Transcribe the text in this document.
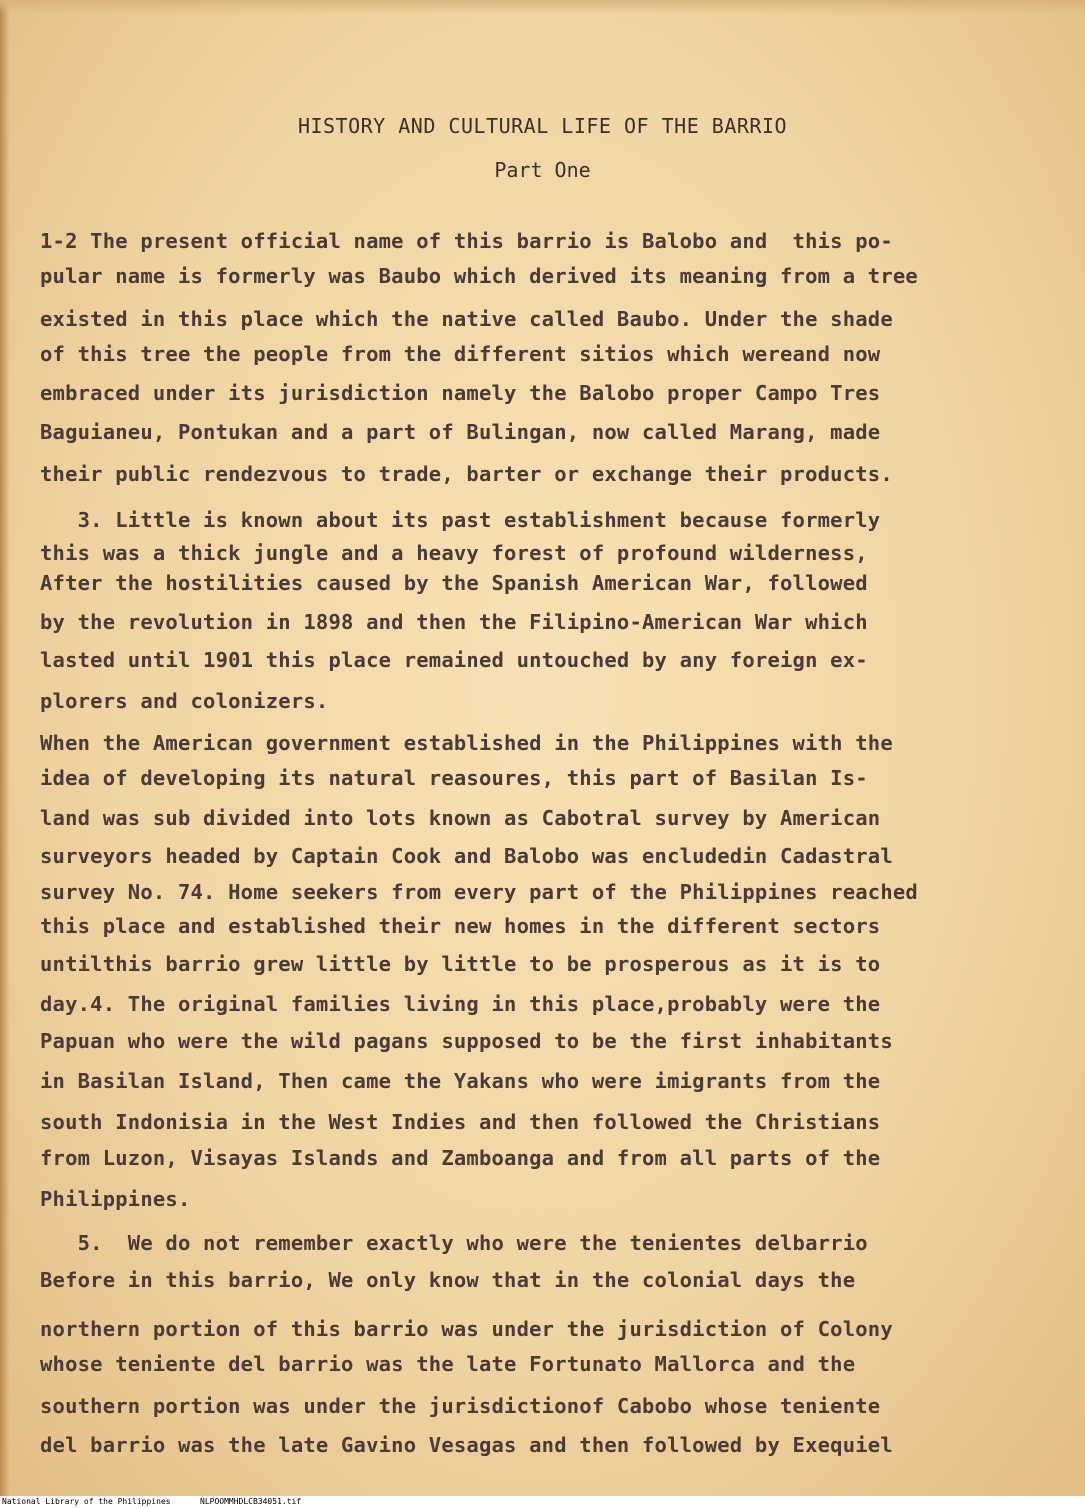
HISTORY AND CULTURAL LIFE OF THE BARRIO
Part One

1-2 The present official name of this barrio is Balobo and  this po-

pular name is formerly was Baubo which derived its meaning from a tree

existed in this place which the native called Baubo. Under the shade

of this tree the people from the different sitios which wereand now

embraced under its jurisdiction namely the Balobo proper Campo Tres

Baguianeu, Pontukan and a part of Bulingan, now called Marang, made

their public rendezvous to trade, barter or exchange their products.

3. Little is known about its past establishment because formerly

this was a thick jungle and a heavy forest of profound wilderness,

After the hostilities caused by the Spanish American War, followed

by the revolution in 1898 and then the Filipino-American War which

lasted until 1901 this place remained untouched by any foreign ex-

plorers and colonizers.

When the American government established in the Philippines with the

idea of developing its natural reasoures, this part of Basilan Is-

land was sub divided into lots known as Cabotral survey by American

surveyors headed by Captain Cook and Balobo was encludedin Cadastral

survey No. 74. Home seekers from every part of the Philippines reached

this place and established their new homes in the different sectors

untilthis barrio grew little by little to be prosperous as it is to

day.4. The original families living in this place,probably were the

Papuan who were the wild pagans supposed to be the first inhabitants

in Basilan Island, Then came the Yakans who were imigrants from the

south Indonisia in the West Indies and then followed the Christians

from Luzon, Visayas Islands and Zamboanga and from all parts of the

Philippines.

5.  We do not remember exactly who were the tenientes delbarrio

Before in this barrio, We only know that in the colonial days the

northern portion of this barrio was under the jurisdiction of Colony

whose teniente del barrio was the late Fortunato Mallorca and the

southern portion was under the jurisdictionof Cabobo whose teniente

del barrio was the late Gavino Vesagas and then followed by Exequiel

National Library of the Philippines	NLPOOMMHDLCB34051.tif
